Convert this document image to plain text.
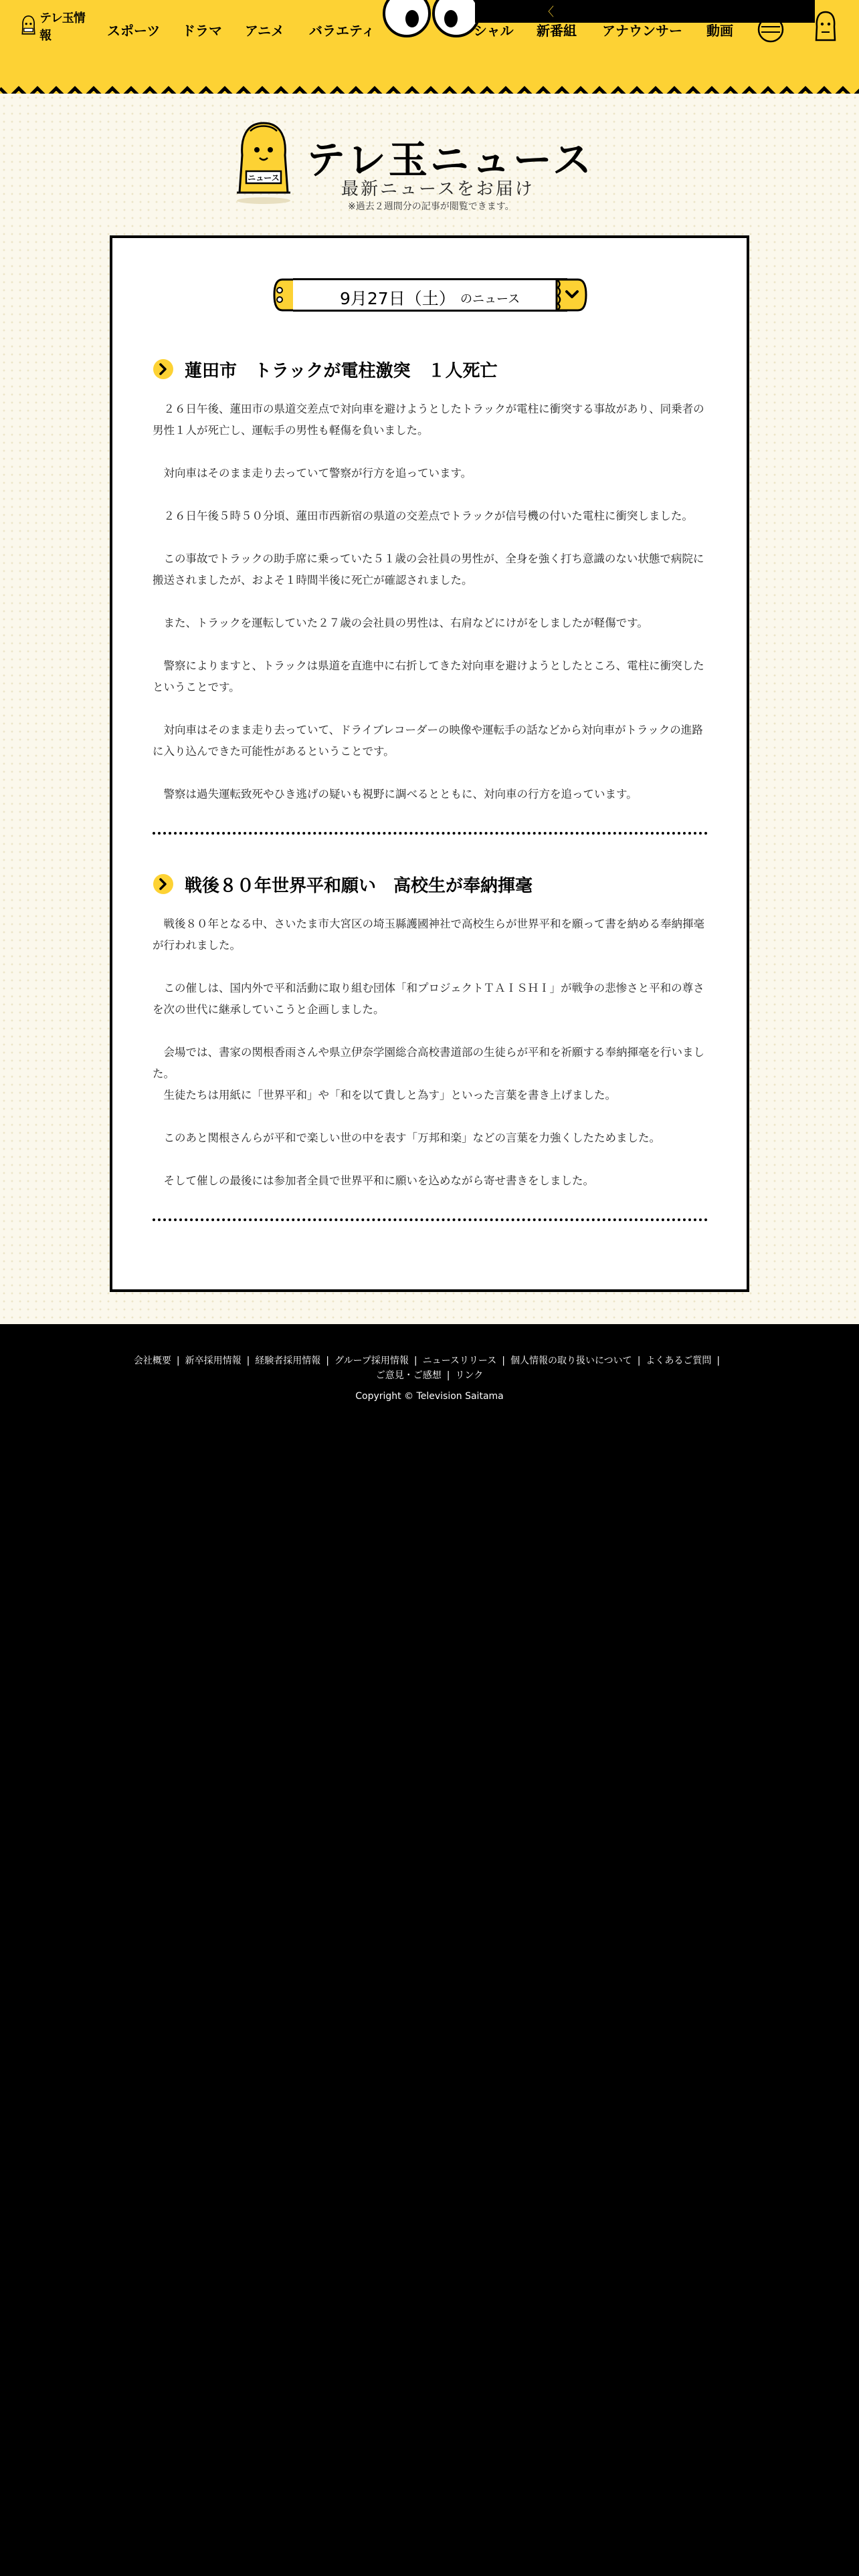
テレ玉情報	スポーツ ドラマ アニメ バラエティ
〈
シャル 新番組 アナウンサー 動画
ニュース テレ玉ニュース
最新ニュースをお届け
※過去２週間分の記事が閲覧できます。
9月27日（土） のニュース
蓮田市　トラックが電柱激突　１人死亡

　２６日午後、蓮田市の県道交差点で対向車を避けようとしたトラックが電柱に衝突する事故があり、同乗者の男性１人が死亡し、運転手の男性も軽傷を負いました。

　対向車はそのまま走り去っていて警察が行方を追っています。

　２６日午後５時５０分頃、蓮田市西新宿の県道の交差点でトラックが信号機の付いた電柱に衝突しました。

　この事故でトラックの助手席に乗っていた５１歳の会社員の男性が、全身を強く打ち意識のない状態で病院に搬送されましたが、およそ１時間半後に死亡が確認されました。

　また、トラックを運転していた２７歳の会社員の男性は、右肩などにけがをしましたが軽傷です。

　警察によりますと、トラックは県道を直進中に右折してきた対向車を避けようとしたところ、電柱に衝突したということです。

　対向車はそのまま走り去っていて、ドライブレコーダーの映像や運転手の話などから対向車がトラックの進路に入り込んできた可能性があるということです。

　警察は過失運転致死やひき逃げの疑いも視野に調べるとともに、対向車の行方を追っています。

戦後８０年世界平和願い　高校生が奉納揮毫

　戦後８０年となる中、さいたま市大宮区の埼玉縣護國神社で高校生らが世界平和を願って書を納める奉納揮毫が行われました。

　この催しは、国内外で平和活動に取り組む団体「和プロジェクトＴＡＩＳＨＩ」が戦争の悲惨さと平和の尊さを次の世代に継承していこうと企画しました。

　会場では、書家の関根香雨さんや県立伊奈学園総合高校書道部の生徒らが平和を祈願する奉納揮毫を行いました。

　生徒たちは用紙に「世界平和」や「和を以て貴しと為す」といった言葉を書き上げました。

　このあと関根さんらが平和で楽しい世の中を表す「万邦和楽」などの言葉を力強くしたためました。

　そして催しの最後には参加者全員で世界平和に願いを込めながら寄せ書きをしました。

会社概要 | 新卒採用情報 | 経験者採用情報 | グループ採用情報 | ニュースリリース | 個人情報の取り扱いについて | よくあるご質問 |
ご意見・ご感想 | リンク
Copyright © Television Saitama
